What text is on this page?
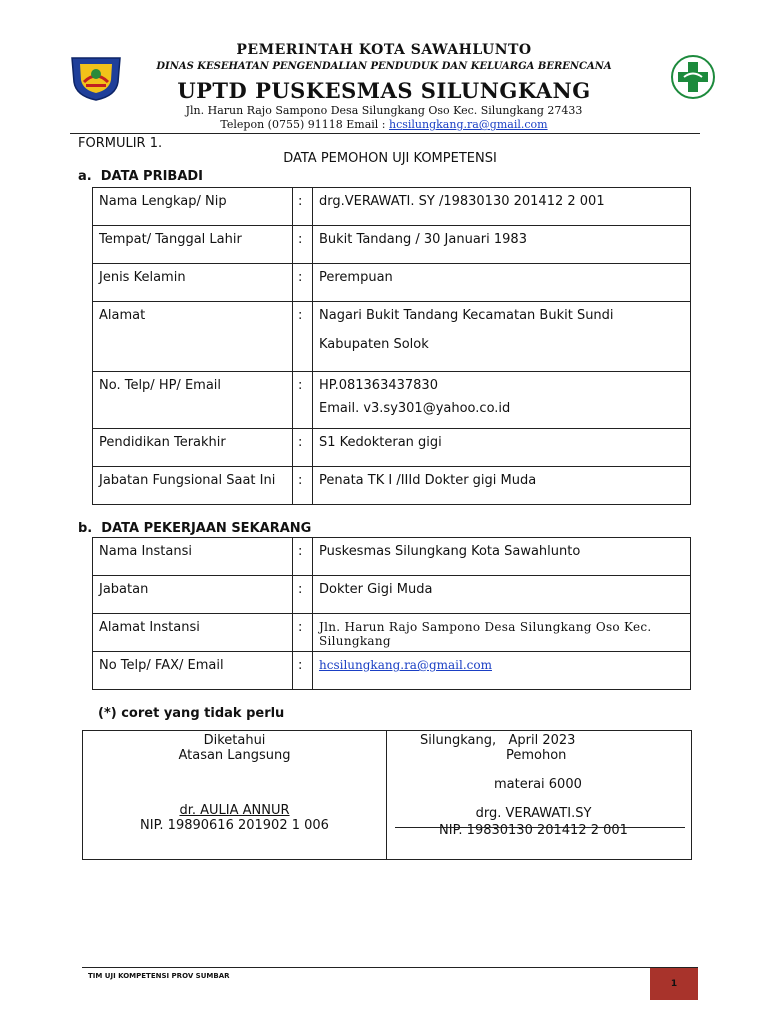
PEMERINTAH KOTA SAWAHLUNTO
DINAS KESEHATAN PENGENDALIAN PENDUDUK DAN KELUARGA BERENCANA
UPTD PUSKESMAS SILUNGKANG
Jln. Harun Rajo Sampono Desa Silungkang Oso Kec. Silungkang 27433
Telepon (0755) 91118 Email : hcsilungkang.ra@gmail.com
FORMULIR 1.
DATA PEMOHON UJI KOMPETENSI
a.  DATA PRIBADI
Nama Lengkap/ Nip	:	drg.VERAWATI. SY /19830130 201412 2 001
Tempat/ Tanggal Lahir	:	Bukit Tandang / 30 Januari 1983
Jenis Kelamin	:	Perempuan
Alamat	:	Nagari Bukit Tandang Kecamatan Bukit Sundi
Kabupaten Solok

No. Telp/ HP/ Email	:	HP.081363437830
Email. v3.sy301@yahoo.co.id

Pendidikan Terakhir	:	S1 Kedokteran gigi
Jabatan Fungsional Saat Ini	:	Penata TK I /IIId Dokter gigi Muda
b.  DATA PEKERJAAN SEKARANG
Nama Instansi	:	Puskesmas Silungkang Kota Sawahlunto
Jabatan	:	Dokter Gigi Muda
Alamat Instansi	:	Jln. Harun Rajo Sampono Desa Silungkang Oso Kec. Silungkang
No Telp/ FAX/ Email	:	hcsilungkang.ra@gmail.com
(*) coret yang tidak perlu
Diketahui
Atasan Langsung
dr. AULIA ANNUR
NIP. 19890616 201902 1 006
Silungkang,   April 2023
Pemohon
materai 6000
drg. VERAWATI.SY
NIP. 19830130 201412 2 001
TIM UJI KOMPETENSI PROV SUMBAR
1
